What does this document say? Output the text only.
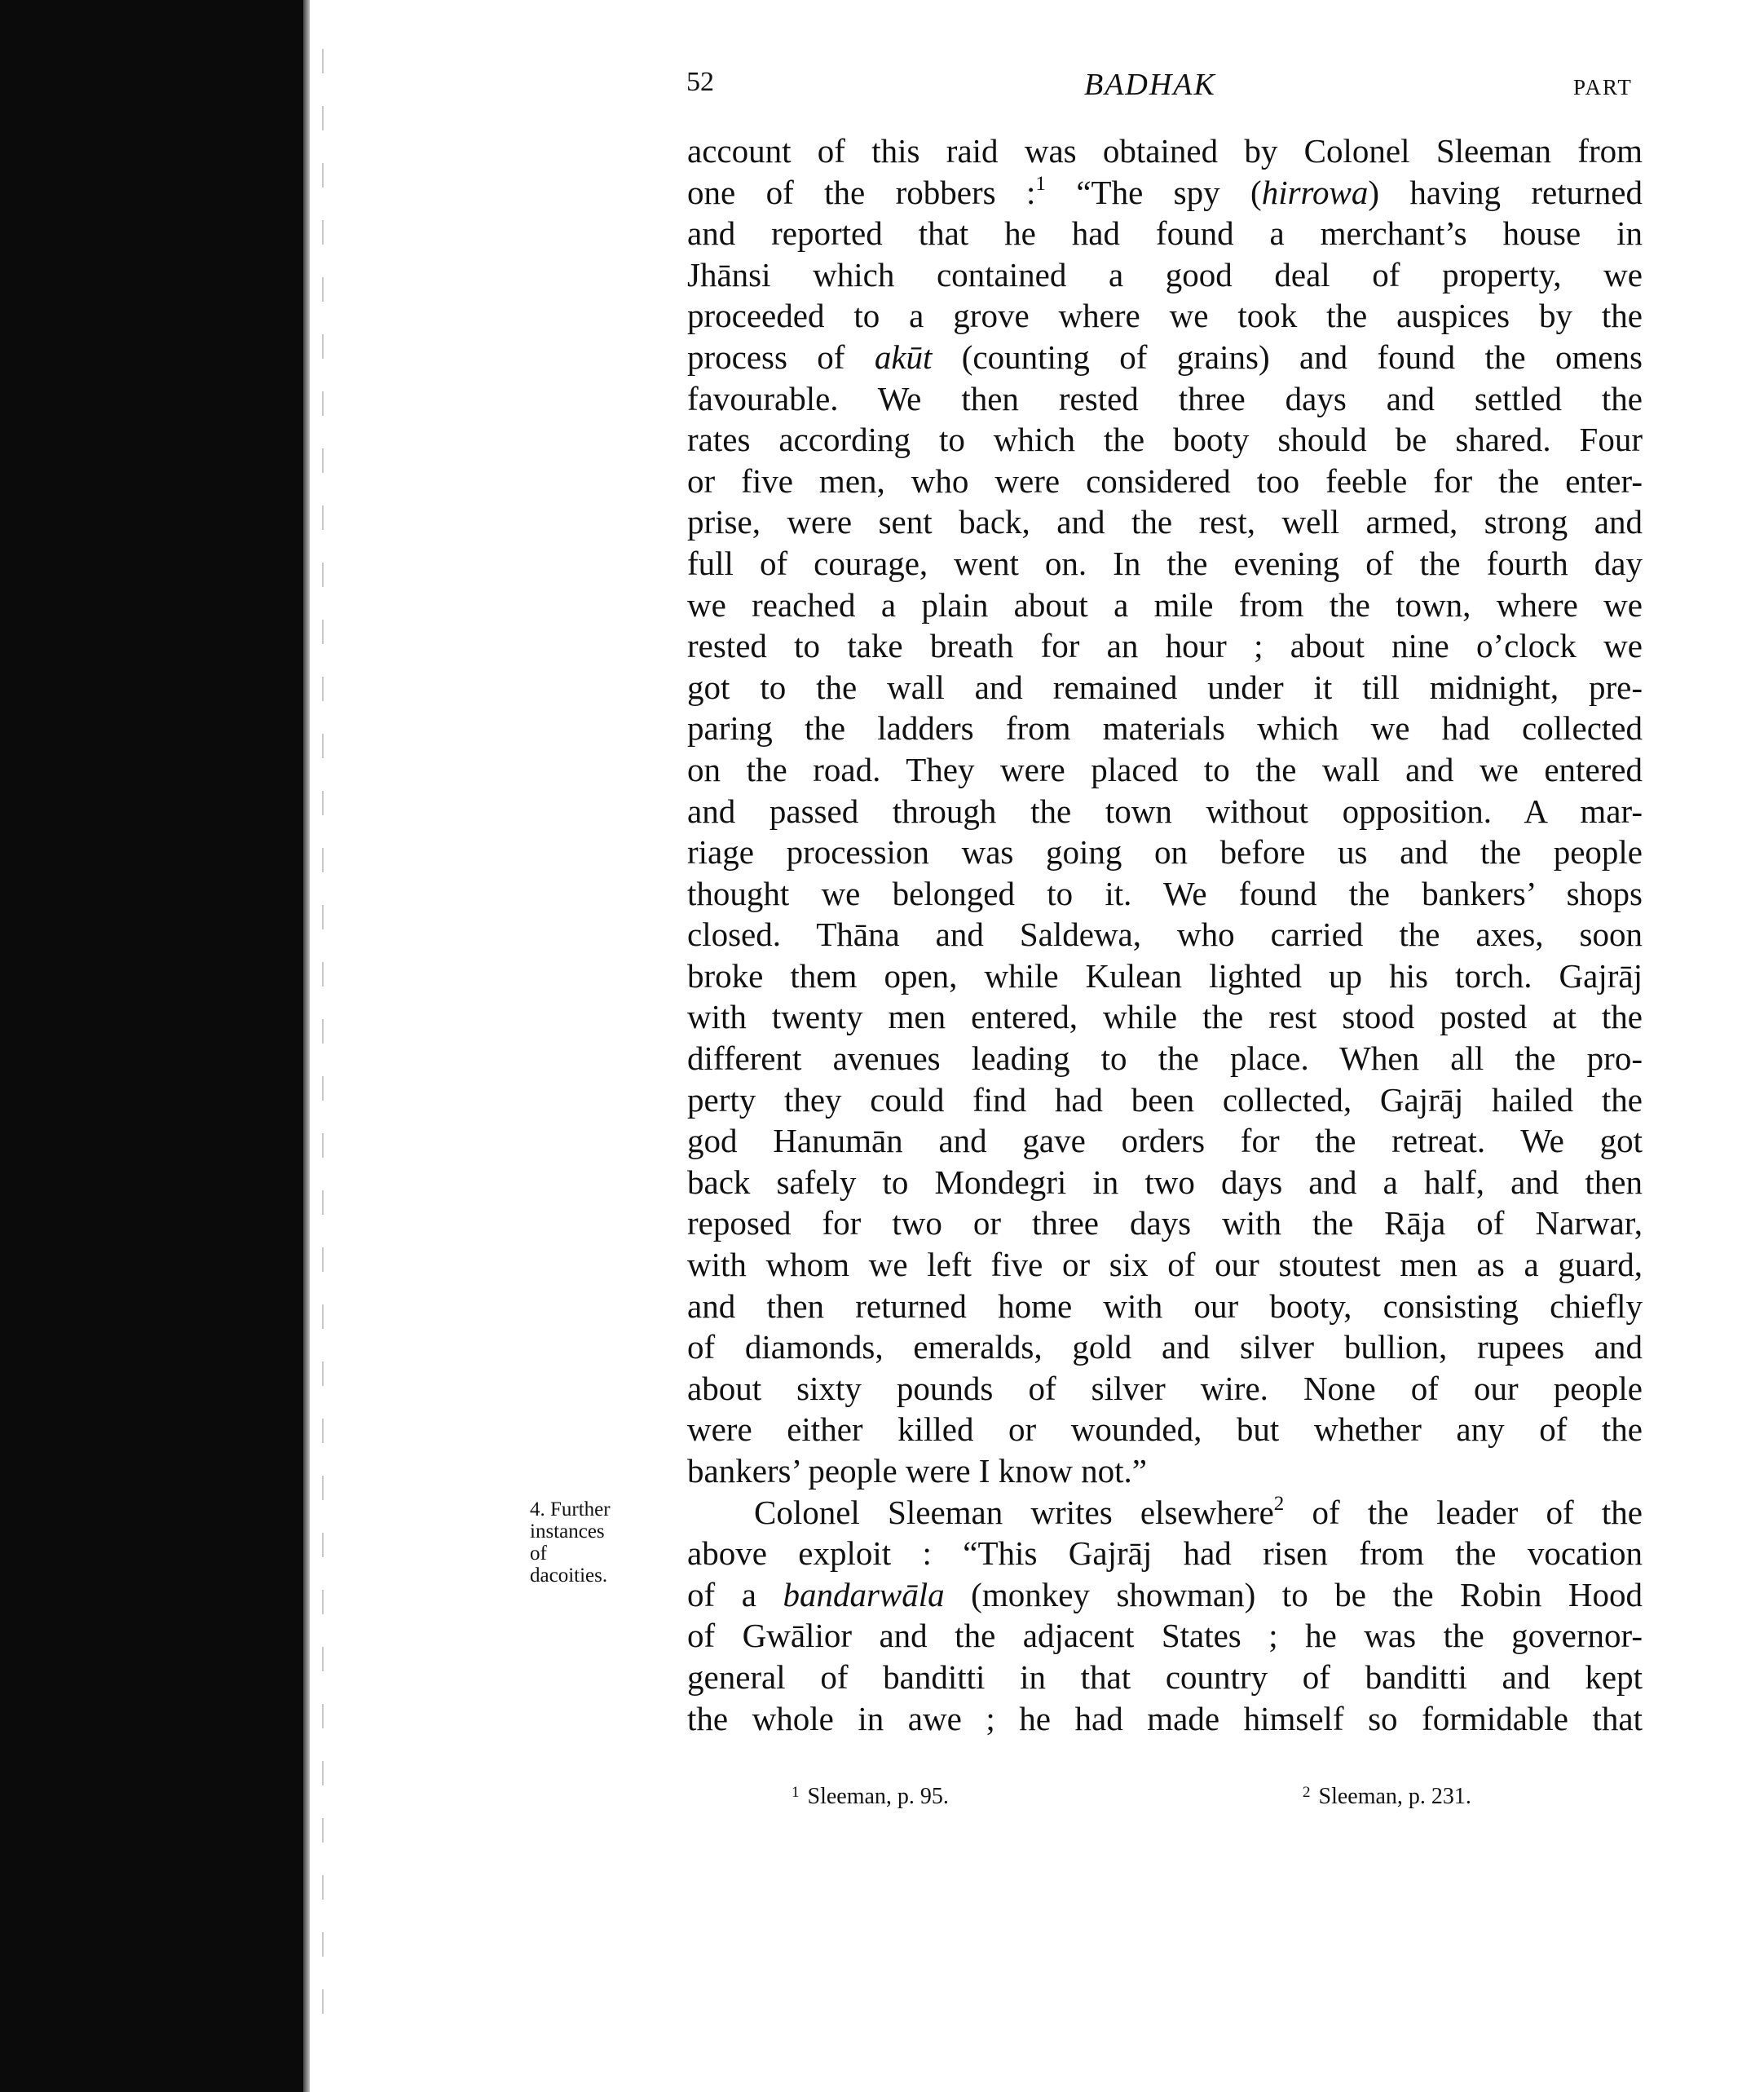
52	BADHAK	PART
account of this raid was obtained by Colonel Sleeman from
one of the robbers :$^1$ “The spy (hirrowa) having returned
and reported that he had found a merchant’s house in
Jhānsi which contained a good deal of property, we
proceeded to a grove where we took the auspices by the
process of akūt (counting of grains) and found the omens
favourable. We then rested three days and settled the
rates according to which the booty should be shared. Four
or five men, who were considered too feeble for the enter-
prise, were sent back, and the rest, well armed, strong and
full of courage, went on. In the evening of the fourth day
we reached a plain about a mile from the town, where we
rested to take breath for an hour ; about nine o’clock we
got to the wall and remained under it till midnight, pre-
paring the ladders from materials which we had collected
on the road. They were placed to the wall and we entered
and passed through the town without opposition. A mar-
riage procession was going on before us and the people
thought we belonged to it. We found the bankers’ shops
closed. Thāna and Saldewa, who carried the axes, soon
broke them open, while Kulean lighted up his torch. Gajrāj
with twenty men entered, while the rest stood posted at the
different avenues leading to the place. When all the pro-
perty they could find had been collected, Gajrāj hailed the
god Hanumān and gave orders for the retreat. We got
back safely to Mondegri in two days and a half, and then
reposed for two or three days with the Rāja of Narwar,
with whom we left five or six of our stoutest men as a guard,
and then returned home with our booty, consisting chiefly
of diamonds, emeralds, gold and silver bullion, rupees and
about sixty pounds of silver wire. None of our people
were either killed or wounded, but whether any of the
bankers’ people were I know not.”
Colonel Sleeman writes elsewhere$^2$ of the leader of the
above exploit : “This Gajrāj had risen from the vocation
of a bandarwāla (monkey showman) to be the Robin Hood
of Gwālior and the adjacent States ; he was the governor-
general of banditti in that country of banditti and kept
the whole in awe ; he had made himself so formidable that
4. Further
instances
of
dacoities.
$^1$ Sleeman, p. 95.	$^2$ Sleeman, p. 231.
